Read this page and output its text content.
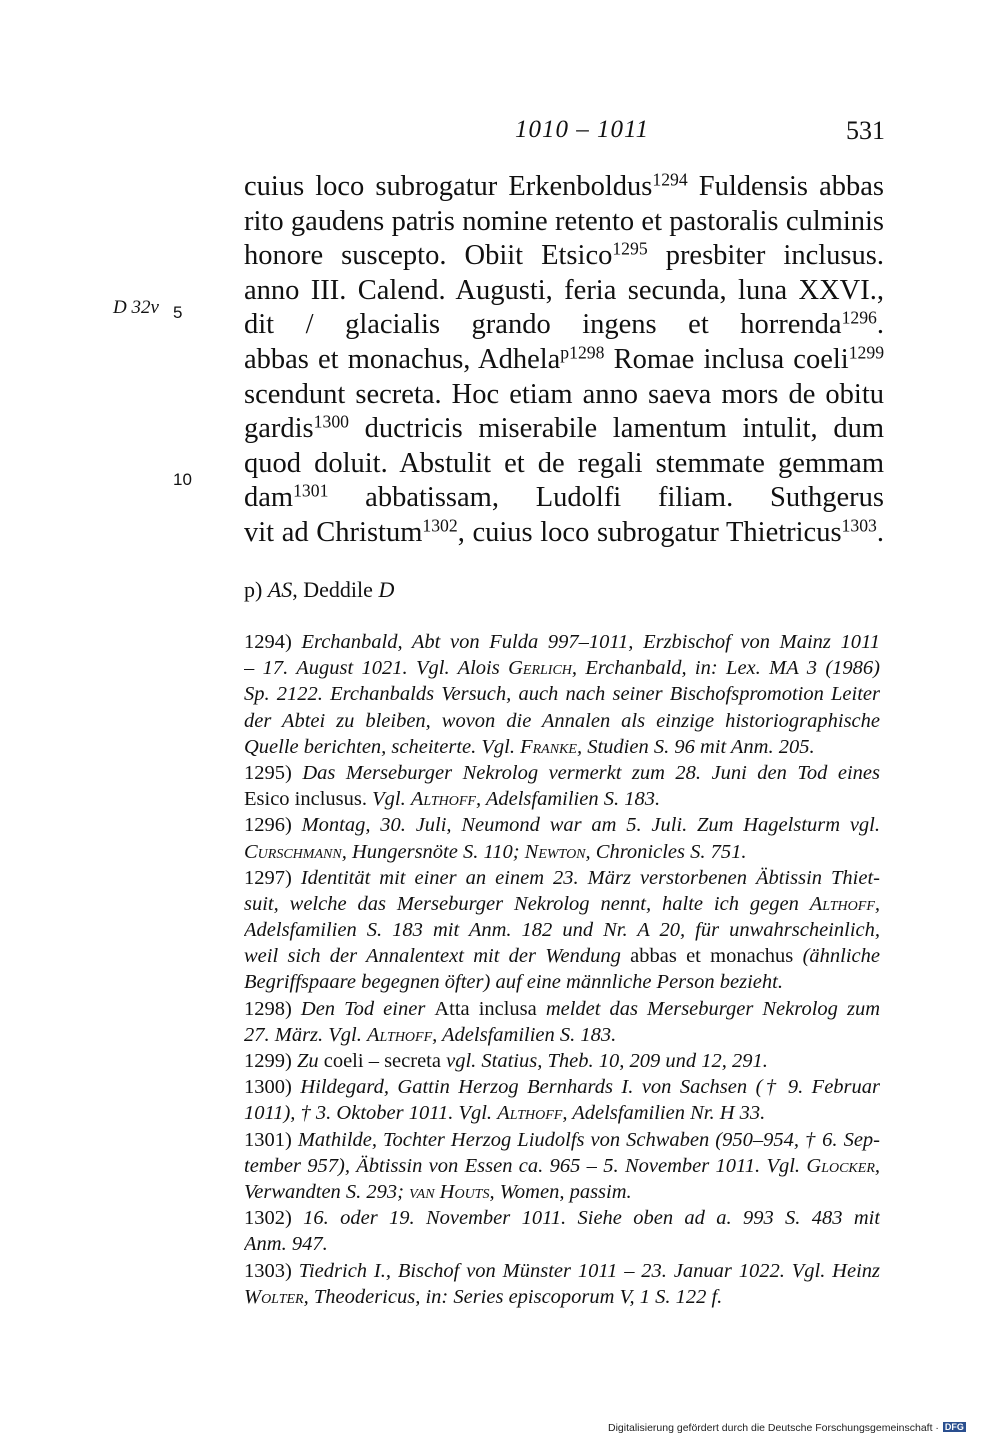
1010 – 1011	531
D 32v 5
10
cuius loco subrogatur Erkenboldus$^{1294}$ Fuldensis abbas
rito gaudens patris nomine retento et pastoralis culminis
honore suscepto. Obiit Etsico$^{1295}$ presbiter inclusus.
anno III. Calend. Augusti, feria secunda, luna XXVI.,
dit / glacialis grando ingens et horrenda$^{1296}$.
abbas et monachus, Adhela$^{p1298}$ Romae inclusa coeli$^{1299}$
scendunt secreta. Hoc etiam anno saeva mors de obitu
gardis$^{1300}$ ductricis miserabile lamentum intulit, dum
quod doluit. Abstulit et de regali stemmate gemmam
dam$^{1301}$ abbatissam, Ludolfi filiam. Suthgerus
vit ad Christum$^{1302}$, cuius loco subrogatur Thietricus$^{1303}$.
p) AS, Deddile D
1294) Erchanbald, Abt von Fulda 997–1011, Erzbischof von Mainz 1011
– 17. August 1021. Vgl. Alois Gerlich, Erchanbald, in: Lex. MA 3 (1986)
Sp. 2122. Erchanbalds Versuch, auch nach seiner Bischofspromotion Leiter
der Abtei zu bleiben, wovon die Annalen als einzige historiographische
Quelle berichten, scheiterte. Vgl. Franke, Studien S. 96 mit Anm. 205.
1295) Das Merseburger Nekrolog vermerkt zum 28. Juni den Tod eines
Esico inclusus. Vgl. Althoff, Adelsfamilien S. 183.
1296) Montag, 30. Juli, Neumond war am 5. Juli. Zum Hagelsturm vgl.
Curschmann, Hungersnöte S. 110; Newton, Chronicles S. 751.
1297) Identität mit einer an einem 23. März verstorbenen Äbtissin Thiet-
suit, welche das Merseburger Nekrolog nennt, halte ich gegen Althoff,
Adelsfamilien S. 183 mit Anm. 182 und Nr. A 20, für unwahrscheinlich,
weil sich der Annalentext mit der Wendung abbas et monachus (ähnliche
Begriffspaare begegnen öfter) auf eine männliche Person bezieht.
1298) Den Tod einer Atta inclusa meldet das Merseburger Nekrolog zum
27. März. Vgl. Althoff, Adelsfamilien S. 183.
1299) Zu coeli – secreta vgl. Statius, Theb. 10, 209 und 12, 291.
1300) Hildegard, Gattin Herzog Bernhards I. von Sachsen († 9. Februar
1011), † 3. Oktober 1011. Vgl. Althoff, Adelsfamilien Nr. H 33.
1301) Mathilde, Tochter Herzog Liudolfs von Schwaben (950–954, † 6. Sep-
tember 957), Äbtissin von Essen ca. 965 – 5. November 1011. Vgl. Glocker,
Verwandten S. 293; van Houts, Women, passim.
1302) 16. oder 19. November 1011. Siehe oben ad a. 993 S. 483 mit
Anm. 947.
1303) Tiedrich I., Bischof von Münster 1011 – 23. Januar 1022. Vgl. Heinz
Wolter, Theodericus, in: Series episcoporum V, 1 S. 122 f.
Digitalisierung gefördert durch die Deutsche Forschungsgemeinschaft · DFG
